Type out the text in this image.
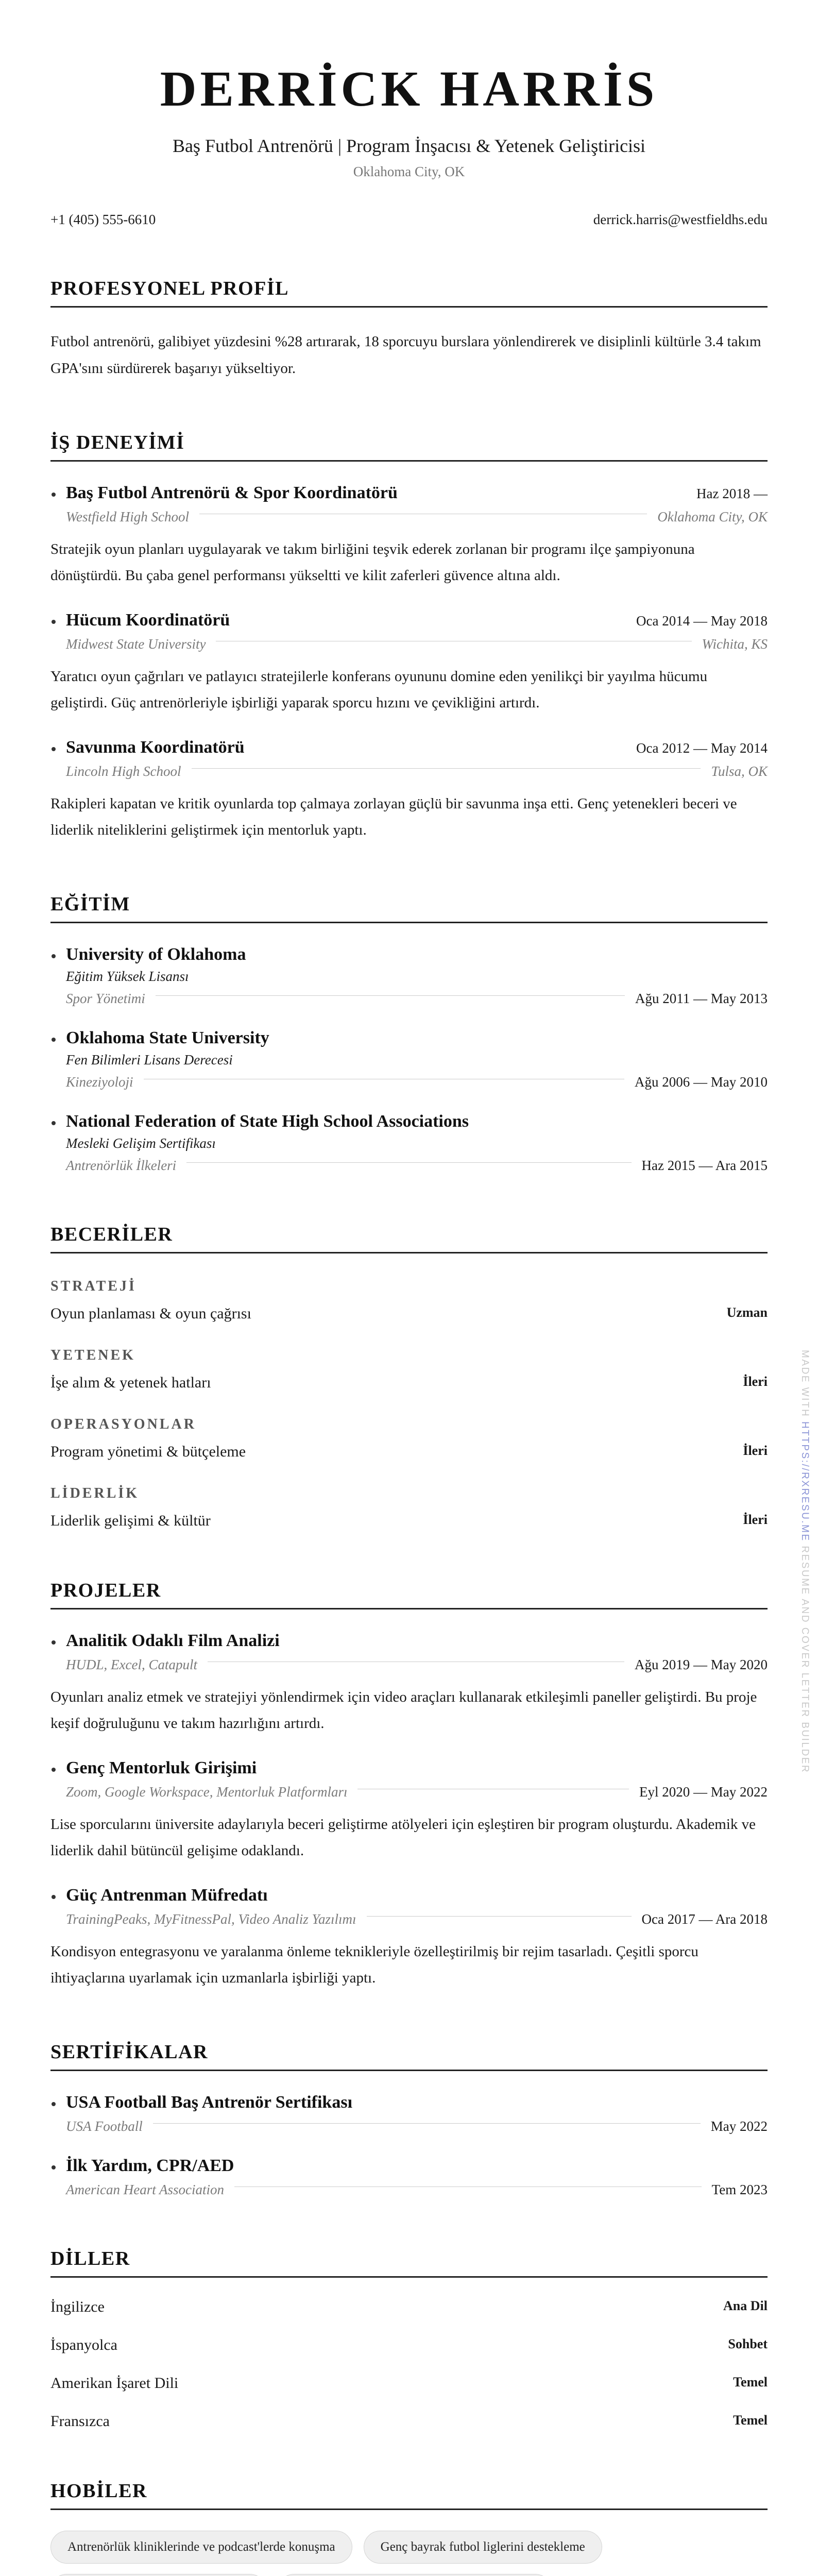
DERRİCK HARRİS
Baş Futbol Antrenörü | Program İnşacısı & Yetenek Geliştiricisi
Oklahoma City, OK
+1 (405) 555-6610	derrick.harris@westfieldhs.edu
PROFESYONEL PROFİL
Futbol antrenörü, galibiyet yüzdesini %28 artırarak, 18 sporcuyu burslara yönlendirerek ve disiplinli kültürle 3.4 takım GPA'sını sürdürerek başarıyı yükseltiyor.
İŞ DENEYİMİ
Baş Futbol Antrenörü & Spor Koordinatörü	Haz 2018 —
Westfield High School	Oklahoma City, OK
Stratejik oyun planları uygulayarak ve takım birliğini teşvik ederek zorlanan bir programı ilçe şampiyonuna dönüştürdü. Bu çaba genel performansı yükseltti ve kilit zaferleri güvence altına aldı.
Hücum Koordinatörü	Oca 2014 — May 2018
Midwest State University	Wichita, KS
Yaratıcı oyun çağrıları ve patlayıcı stratejilerle konferans oyununu domine eden yenilikçi bir yayılma hücumu geliştirdi. Güç antrenörleriyle işbirliği yaparak sporcu hızını ve çevikliğini artırdı.
Savunma Koordinatörü	Oca 2012 — May 2014
Lincoln High School	Tulsa, OK
Rakipleri kapatan ve kritik oyunlarda top çalmaya zorlayan güçlü bir savunma inşa etti. Genç yetenekleri beceri ve liderlik niteliklerini geliştirmek için mentorluk yaptı.
EĞİTİM
University of Oklahoma
Eğitim Yüksek Lisansı
Spor Yönetimi	Ağu 2011 — May 2013
Oklahoma State University
Fen Bilimleri Lisans Derecesi
Kineziyoloji	Ağu 2006 — May 2010
National Federation of State High School Associations
Mesleki Gelişim Sertifikası
Antrenörlük İlkeleri	Haz 2015 — Ara 2015
BECERİLER
STRATEJİ
Oyun planlaması & oyun çağrısı	Uzman
YETENEK
İşe alım & yetenek hatları	İleri
OPERASYONLAR
Program yönetimi & bütçeleme	İleri
LİDERLİK
Liderlik gelişimi & kültür	İleri
PROJELER
Analitik Odaklı Film Analizi
HUDL, Excel, Catapult	Ağu 2019 — May 2020
Oyunları analiz etmek ve stratejiyi yönlendirmek için video araçları kullanarak etkileşimli paneller geliştirdi. Bu proje keşif doğruluğunu ve takım hazırlığını artırdı.
Genç Mentorluk Girişimi
Zoom, Google Workspace, Mentorluk Platformları	Eyl 2020 — May 2022
Lise sporcularını üniversite adaylarıyla beceri geliştirme atölyeleri için eşleştiren bir program oluşturdu. Akademik ve liderlik dahil bütüncül gelişime odaklandı.
Güç Antrenman Müfredatı
TrainingPeaks, MyFitnessPal, Video Analiz Yazılımı	Oca 2017 — Ara 2018
Kondisyon entegrasyonu ve yaralanma önleme teknikleriyle özelleştirilmiş bir rejim tasarladı. Çeşitli sporcu ihtiyaçlarına uyarlamak için uzmanlarla işbirliği yaptı.
SERTİFİKALAR
USA Football Baş Antrenör Sertifikası
USA Football	May 2022
İlk Yardım, CPR/AED
American Heart Association	Tem 2023
DİLLER
İngilizce	Ana Dil
İspanyolca	Sohbet
Amerikan İşaret Dili	Temel
Fransızca	Temel
HOBİLER
Antrenörlük kliniklerinde ve podcast'lerde konuşma	Genç bayrak futbol liglerini destekleme
MADE WITH HTTPS://RXRESU.ME RESUME AND COVER LETTER BUILDER
